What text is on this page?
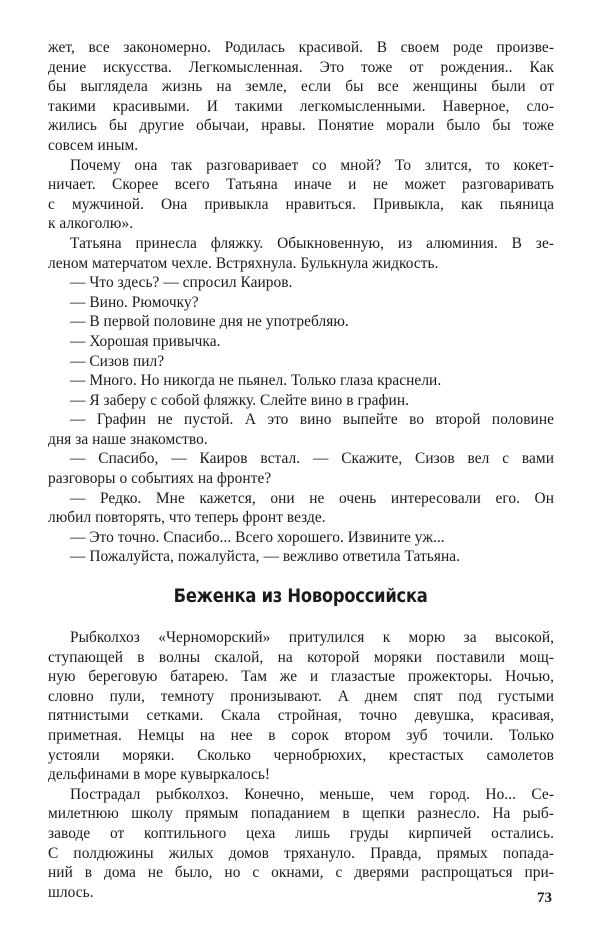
жет, все закономерно. Родилась красивой. В своем роде произве-
дение искусства. Легкомысленная. Это тоже от рождения.. Как
бы выглядела жизнь на земле, если бы все женщины были от
такими красивыми. И такими легкомысленными. Наверное, сло-
жились бы другие обычаи, нравы. Понятие морали было бы тоже
совсем иным.
Почему она так разговаривает со мной? То злится, то кокет-
ничает. Скорее всего Татьяна иначе и не может разговаривать
с мужчиной. Она привыкла нравиться. Привыкла, как пьяница
к алкоголю».
Татьяна принесла фляжку. Обыкновенную, из алюминия. В зе-
леном матерчатом чехле. Встряхнула. Булькнула жидкость.
— Что здесь? — спросил Каиров.
— Вино. Рюмочку?
— В первой половине дня не употребляю.
— Хорошая привычка.
— Сизов пил?
— Много. Но никогда не пьянел. Только глаза краснели.
— Я заберу с собой фляжку. Слейте вино в графин.
— Графин не пустой. А это вино выпейте во второй половине
дня за наше знакомство.
— Спасибо, — Каиров встал. — Скажите, Сизов вел с вами
разговоры о событиях на фронте?
— Редко. Мне кажется, они не очень интересовали его. Он
любил повторять, что теперь фронт везде.
— Это точно. Спасибо... Всего хорошего. Извините уж...
— Пожалуйста, пожалуйста, — вежливо ответила Татьяна.
Беженка из Новороссийска
Рыбколхоз «Черноморский» притулился к морю за высокой,
ступающей в волны скалой, на которой моряки поставили мощ-
ную береговую батарею. Там же и глазастые прожекторы. Ночью,
словно пули, темноту пронизывают. А днем спят под густыми
пятнистыми сетками. Скала стройная, точно девушка, красивая,
приметная. Немцы на нее в сорок втором зуб точили. Только
устояли моряки. Сколько чернобрюхих, крестастых самолетов
дельфинами в море кувыркалось!
Пострадал рыбколхоз. Конечно, меньше, чем город. Но... Се-
милетнюю школу прямым попаданием в щепки разнесло. На рыб-
заводе от коптильного цеха лишь груды кирпичей остались.
С полдюжины жилых домов тряхануло. Правда, прямых попада-
ний в дома не было, но с окнами, с дверями распрощаться при-
шлось.	73
